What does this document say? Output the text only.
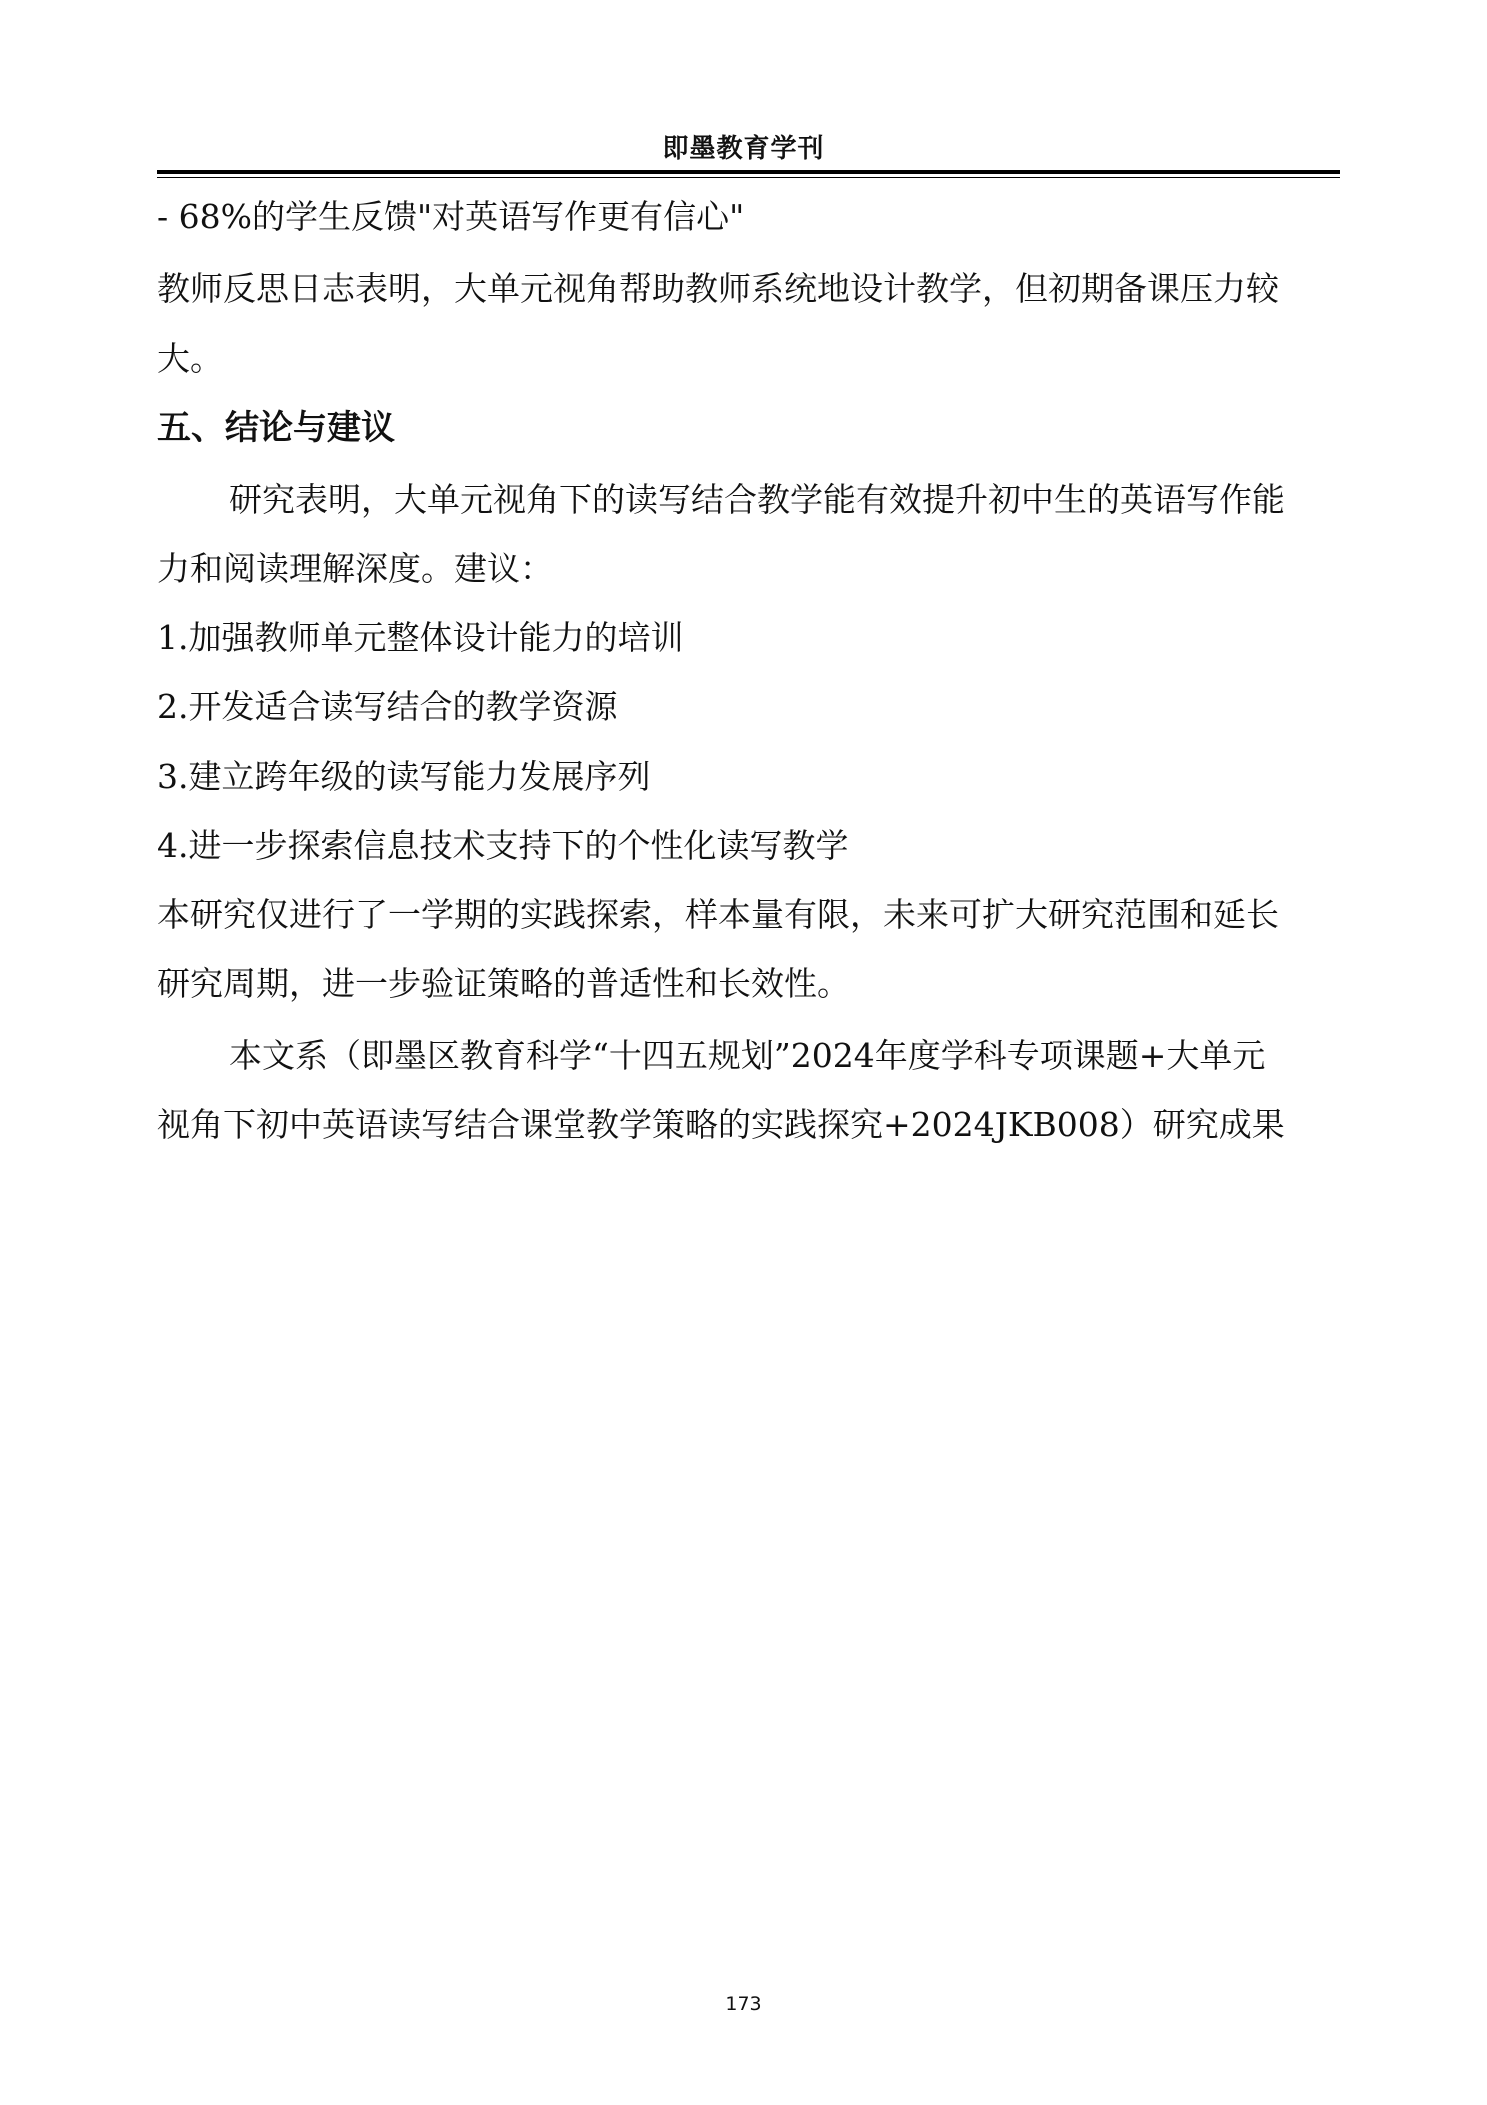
即墨教育学刊
- 68%的学生反馈"对英语写作更有信心"
教师反思日志表明，大单元视角帮助教师系统地设计教学，但初期备课压力较
大。
五、结论与建议
研究表明，大单元视角下的读写结合教学能有效提升初中生的英语写作能
力和阅读理解深度。建议：
1.加强教师单元整体设计能力的培训
2.开发适合读写结合的教学资源
3.建立跨年级的读写能力发展序列
4.进一步探索信息技术支持下的个性化读写教学
本研究仅进行了一学期的实践探索，样本量有限，未来可扩大研究范围和延长
研究周期，进一步验证策略的普适性和长效性。
本文系（即墨区教育科学“十四五规划”2024年度学科专项课题+大单元
视角下初中英语读写结合课堂教学策略的实践探究+2024JKB008）研究成果
173
